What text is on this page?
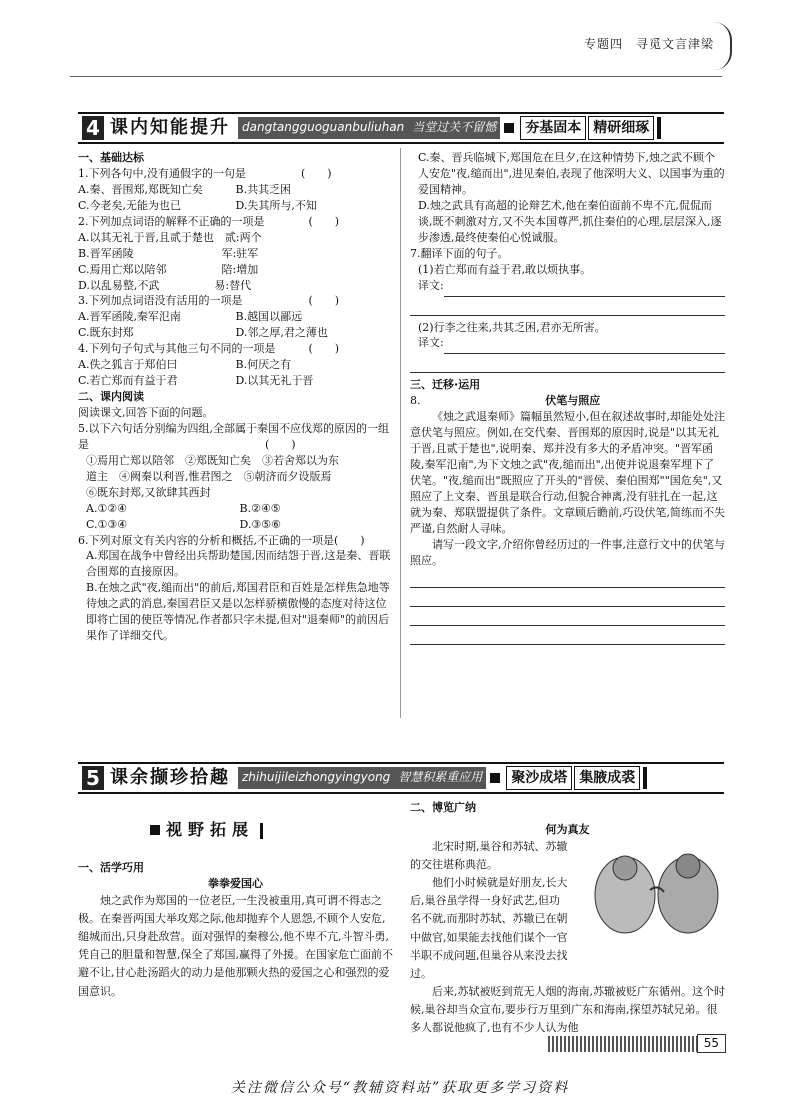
专题四　寻觅文言津梁
4 课内知能提升	dangtangguoguanbuliuhan 当堂过关不留憾	夯基固本 精研细琢
一、基础达标
1.下列各句中,没有通假字的一句是　　　　　(　　)
A.秦、晋围郑,郑既知亡矣	B.共其乏困
C.今老矣,无能为也已	D.失其所与,不知
2.下列加点词语的解释不正确的一项是　　　　(　　)
A.以其无礼于晋,且贰于楚也　贰:两个
B.晋军函陵　　　　　　　　军:驻军
C.焉用亡郑以陪邻　　　　　陪:增加
D.以乱易整,不武　　　　　易:替代
3.下列加点词语没有活用的一项是　　　　　　(　　)
A.晋军函陵,秦军氾南	B.越国以鄙远
C.既东封郑	D.邻之厚,君之薄也
4.下列句子句式与其他三句不同的一项是　　　(　　)
A.佚之狐言于郑伯曰	B.何厌之有
C.若亡郑而有益于君	D.以其无礼于晋
二、课内阅读
阅读课文,回答下面的问题。
5.以下六句话分别编为四组,全部属于秦国不应伐郑的原因的一组是　　　　　　　　　　　　　　　　(　　)
①焉用亡郑以陪邻　②郑既知亡矣　③若舍郑以为东
道主　④阙秦以利晋,惟君图之　⑤朝济而夕设版焉
⑥既东封郑,又欲肆其西封
A.①②④	B.②④⑤
C.①③④	D.③⑤⑥
6.下列对原文有关内容的分析和概括,不正确的一项是(　　)
A.郑国在战争中曾经出兵帮助楚国,因而结怨于晋,这是秦、晋联合围郑的直接原因。
B.在烛之武"夜,缒而出"的前后,郑国君臣和百姓是怎样焦急地等待烛之武的消息,秦国君臣又是以怎样骄横傲慢的态度对待这位即将亡国的使臣等情况,作者都只字未提,但对"退秦师"的前因后果作了详细交代。
C.秦、晋兵临城下,郑国危在旦夕,在这种情势下,烛之武不顾个人安危"夜,缒而出",进见秦伯,表现了他深明大义、以国事为重的爱国精神。
D.烛之武具有高超的论辩艺术,他在秦伯面前不卑不亢,侃侃而谈,既不刺激对方,又不失本国尊严,抓住秦伯的心理,层层深入,逐步渗透,最终使秦伯心悦诚服。
7.翻译下面的句子。
(1)若亡郑而有益于君,敢以烦执事。
译文:
(2)行李之往来,共其乏困,君亦无所害。
译文:
三、迁移·运用
8.	伏笔与照应

《烛之武退秦师》篇幅虽然短小,但在叙述故事时,却能处处注意伏笔与照应。例如,在交代秦、晋围郑的原因时,说是"以其无礼于晋,且贰于楚也",说明秦、郑并没有多大的矛盾冲突。"晋军函陵,秦军氾南",为下文烛之武"夜,缒而出",出使并说退秦军埋下了伏笔。"夜,缒而出"既照应了开头的"晋侯、秦伯围郑""国危矣",又照应了上文秦、晋虽是联合行动,但貌合神离,没有驻扎在一起,这就为秦、郑联盟提供了条件。文章顾后瞻前,巧设伏笔,简练而不失严谨,自然耐人寻味。

请写一段文字,介绍你曾经历过的一件事,注意行文中的伏笔与照应。

5 课余撷珍拾趣	zhihuijileizhongyingyong 智慧积累重应用	聚沙成塔 集腋成裘
视野拓展
一、活学巧用
拳拳爱国心

烛之武作为郑国的一位老臣,一生没被重用,真可谓不得志之极。在秦晋两国大举攻郑之际,他却抛弃个人恩怨,不顾个人安危,缒城而出,只身赴敌营。面对强悍的秦穆公,他不卑不亢,斗智斗勇,凭自己的胆量和智慧,保全了郑国,赢得了外援。在国家危亡面前不避不让,甘心赴汤蹈火的动力是他那颗火热的爱国之心和强烈的爱国意识。

二、博览广纳
何为真友

北宋时期,巢谷和苏轼、苏辙的交往堪称典范。

他们小时候就是好朋友,长大后,巢谷虽学得一身好武艺,但功名不就,而那时苏轼、苏辙已在朝中做官,如果能去找他们谋个一官半职不成问题,但巢谷从来没去找过。

后来,苏轼被贬到荒无人烟的海南,苏辙被贬广东循州。这个时候,巢谷却当众宣布,要步行万里到广东和海南,探望苏轼兄弟。很多人都说他疯了,也有不少人认为他

55
关注微信公众号“教辅资料站”获取更多学习资料
